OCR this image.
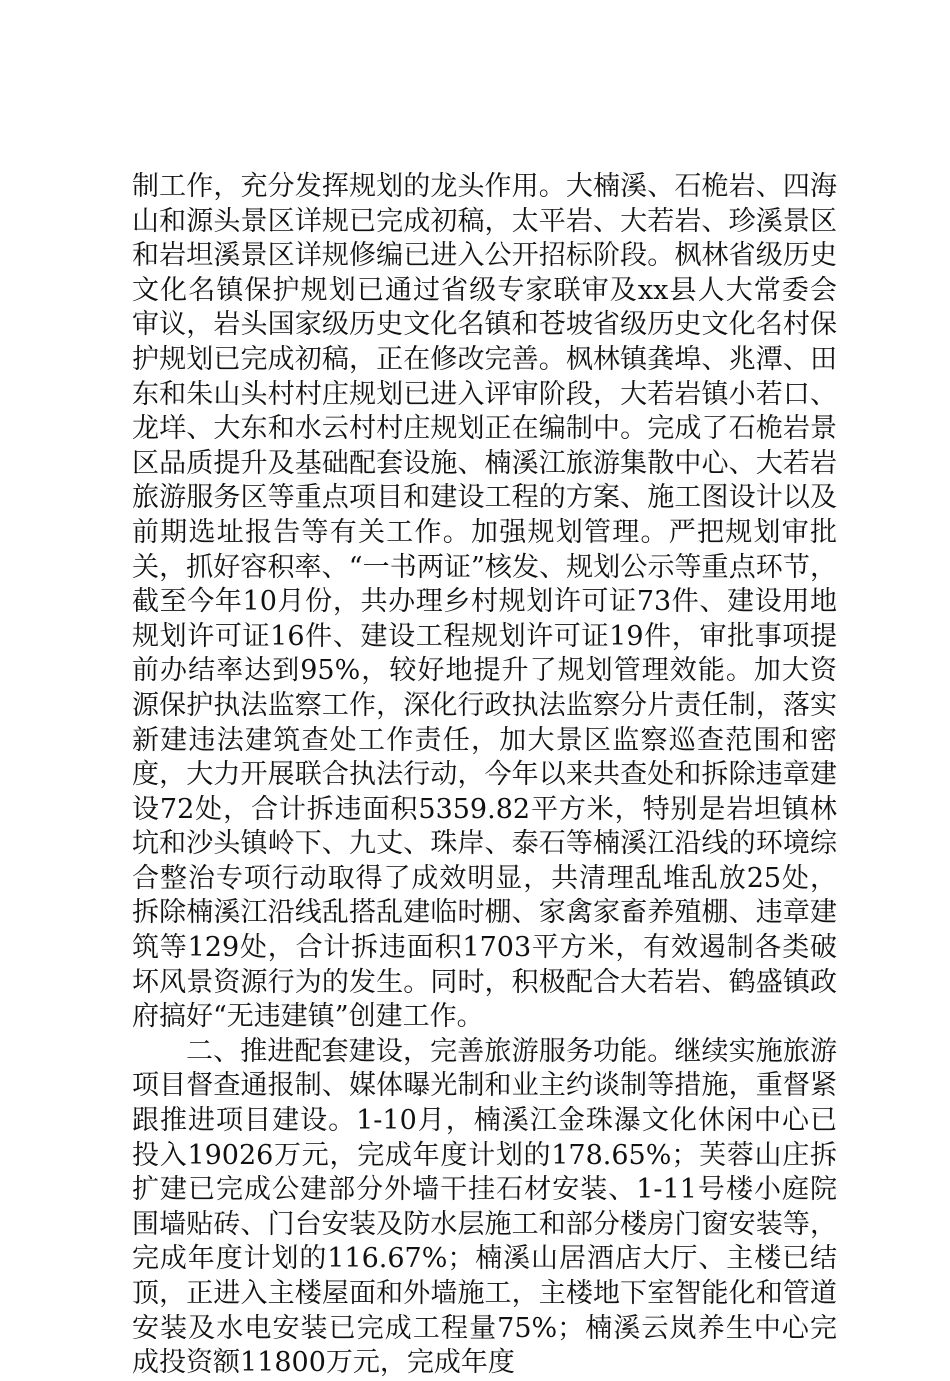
制工作，充分发挥规划的龙头作用。大楠溪、石桅岩、四海山和源头景区详规已完成初稿，太平岩、大若岩、珍溪景区和岩坦溪景区详规修编已进入公开招标阶段。枫林省级历史文化名镇保护规划已通过省级专家联审及xx县人大常委会审议，岩头国家级历史文化名镇和苍坡省级历史文化名村保护规划已完成初稿，正在修改完善。枫林镇龚埠、兆潭、田东和朱山头村村庄规划已进入评审阶段，大若岩镇小若口、龙垟、大东和水云村村庄规划正在编制中。完成了石桅岩景区品质提升及基础配套设施、楠溪江旅游集散中心、大若岩旅游服务区等重点项目和建设工程的方案、施工图设计以及前期选址报告等有关工作。加强规划管理。严把规划审批关，抓好容积率、“一书两证”核发、规划公示等重点环节，截至今年10月份，共办理乡村规划许可证73件、建设用地规划许可证16件、建设工程规划许可证19件，审批事项提前办结率达到95%，较好地提升了规划管理效能。加大资源保护执法监察工作，深化行政执法监察分片责任制，落实新建违法建筑查处工作责任，加大景区监察巡查范围和密度，大力开展联合执法行动，今年以来共查处和拆除违章建设72处，合计拆违面积5359.82平方米，特别是岩坦镇林坑和沙头镇岭下、九丈、珠岸、泰石等楠溪江沿线的环境综合整治专项行动取得了成效明显，共清理乱堆乱放25处，拆除楠溪江沿线乱搭乱建临时棚、家禽家畜养殖棚、违章建筑等129处，合计拆违面积1703平方米，有效遏制各类破坏风景资源行为的发生。同时，积极配合大若岩、鹤盛镇政府搞好“无违建镇”创建工作。

二、推进配套建设，完善旅游服务功能。继续实施旅游项目督查通报制、媒体曝光制和业主约谈制等措施，重督紧跟推进项目建设。1-10月，楠溪江金珠瀑文化休闲中心已投入19026万元，完成年度计划的178.65%；芙蓉山庄拆扩建已完成公建部分外墙干挂石材安装、1-11号楼小庭院围墙贴砖、门台安装及防水层施工和部分楼房门窗安装等，完成年度计划的116.67%；楠溪山居酒店大厅、主楼已结顶，正进入主楼屋面和外墙施工，主楼地下室智能化和管道安装及水电安装已完成工程量75%；楠溪云岚养生中心完成投资额11800万元，完成年度
